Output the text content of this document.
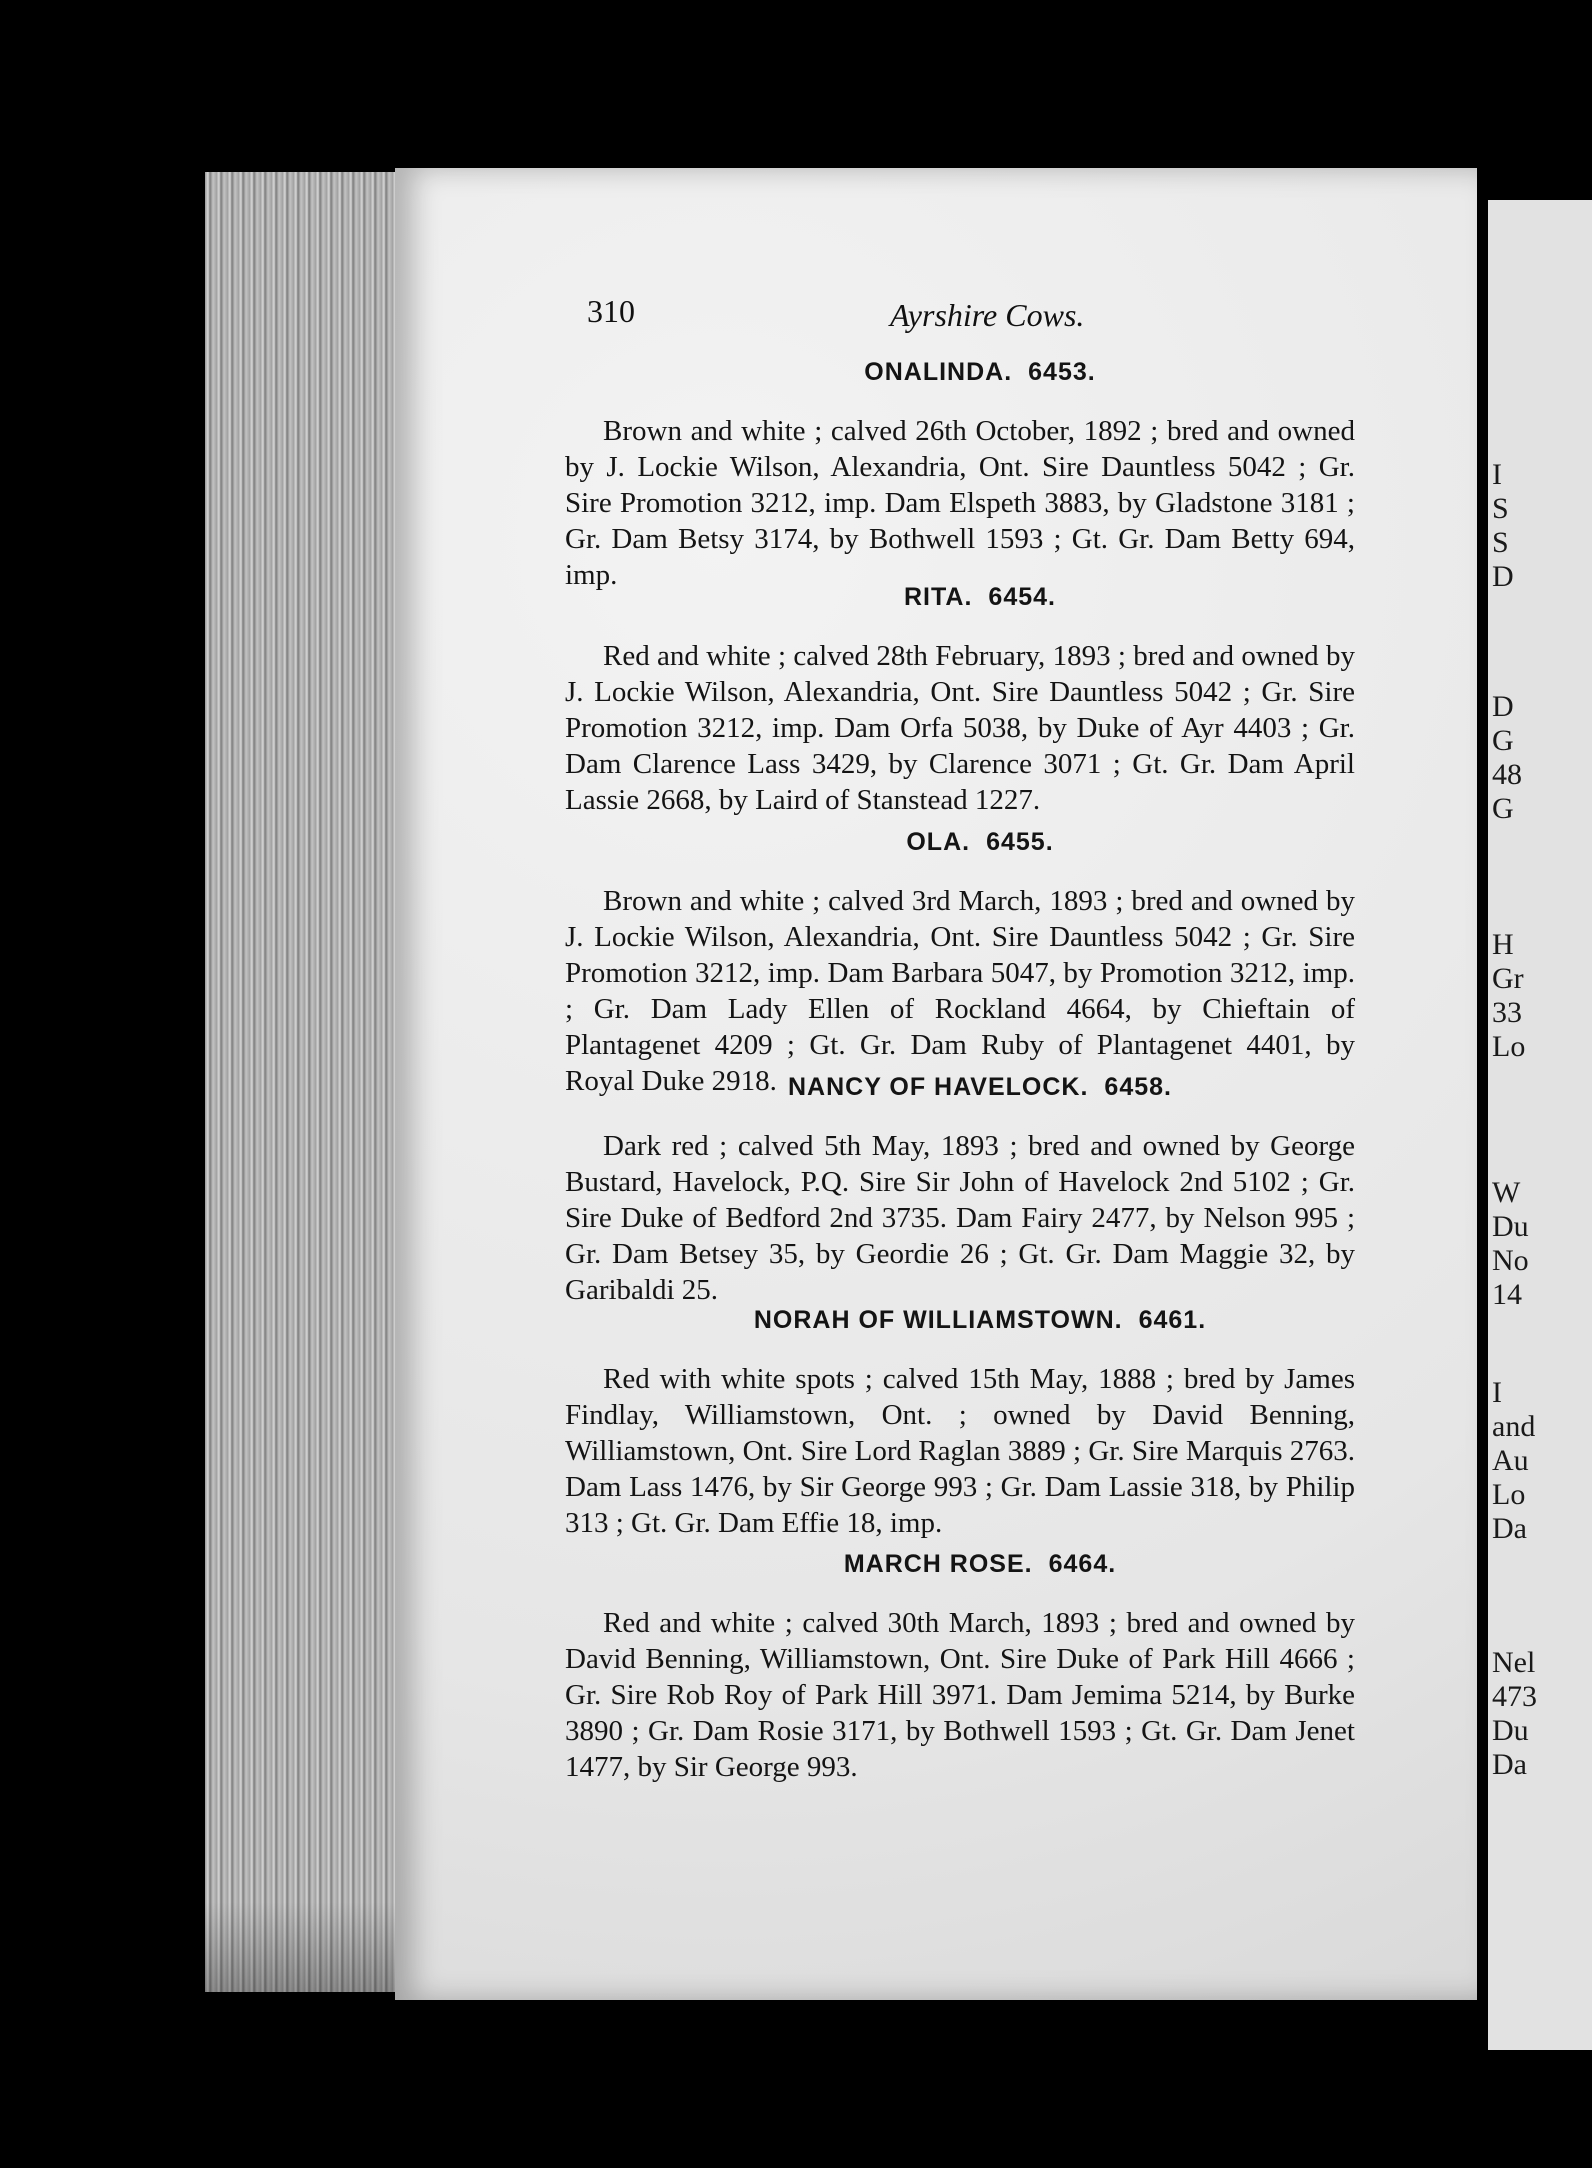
310	Ayrshire Cows.
ONALINDA. 6453.

Brown and white ; calved 26th October, 1892 ; bred and owned by J. Lockie Wilson, Alexandria, Ont. Sire Dauntless 5042 ; Gr. Sire Promotion 3212, imp. Dam Elspeth 3883, by Gladstone 3181 ; Gr. Dam Betsy 3174, by Bothwell 1593 ; Gt. Gr. Dam Betty 694, imp.

RITA. 6454.

Red and white ; calved 28th February, 1893 ; bred and owned by J. Lockie Wilson, Alexandria, Ont. Sire Dauntless 5042 ; Gr. Sire Promotion 3212, imp. Dam Orfa 5038, by Duke of Ayr 4403 ; Gr. Dam Clarence Lass 3429, by Clarence 3071 ; Gt. Gr. Dam April Lassie 2668, by Laird of Stanstead 1227.

OLA. 6455.

Brown and white ; calved 3rd March, 1893 ; bred and owned by J. Lockie Wilson, Alexandria, Ont. Sire Dauntless 5042 ; Gr. Sire Promotion 3212, imp. Dam Barbara 5047, by Promotion 3212, imp. ; Gr. Dam Lady Ellen of Rockland 4664, by Chieftain of Plantagenet 4209 ; Gt. Gr. Dam Ruby of Plantagenet 4401, by Royal Duke 2918. NANCY OF HAVELOCK. 6458.

Dark red ; calved 5th May, 1893 ; bred and owned by George Bustard, Havelock, P.Q. Sire Sir John of Havelock 2nd 5102 ; Gr. Sire Duke of Bedford 2nd 3735. Dam Fairy 2477, by Nelson 995 ; Gr. Dam Betsey 35, by Geordie 26 ; Gt. Gr. Dam Maggie 32, by Garibaldi 25.

NORAH OF WILLIAMSTOWN. 6461.

Red with white spots ; calved 15th May, 1888 ; bred by James Findlay, Williamstown, Ont. ; owned by David Benning, Williamstown, Ont. Sire Lord Raglan 3889 ; Gr. Sire Marquis 2763. Dam Lass 1476, by Sir George 993 ; Gr. Dam Lassie 318, by Philip 313 ; Gt. Gr. Dam Effie 18, imp.

MARCH ROSE. 6464.

Red and white ; calved 30th March, 1893 ; bred and owned by David Benning, Williamstown, Ont. Sire Duke of Park Hill 4666 ; Gr. Sire Rob Roy of Park Hill 3971. Dam Jemima 5214, by Burke 3890 ; Gr. Dam Rosie 3171, by Bothwell 1593 ; Gt. Gr. Dam Jenet 1477, by Sir George 993.

I
S
S
D
D
G
48
G
H
Gr
33
Lo
W
Du
No
14
I
and
Au
Lo
Da
Nel
473
Du
Da
